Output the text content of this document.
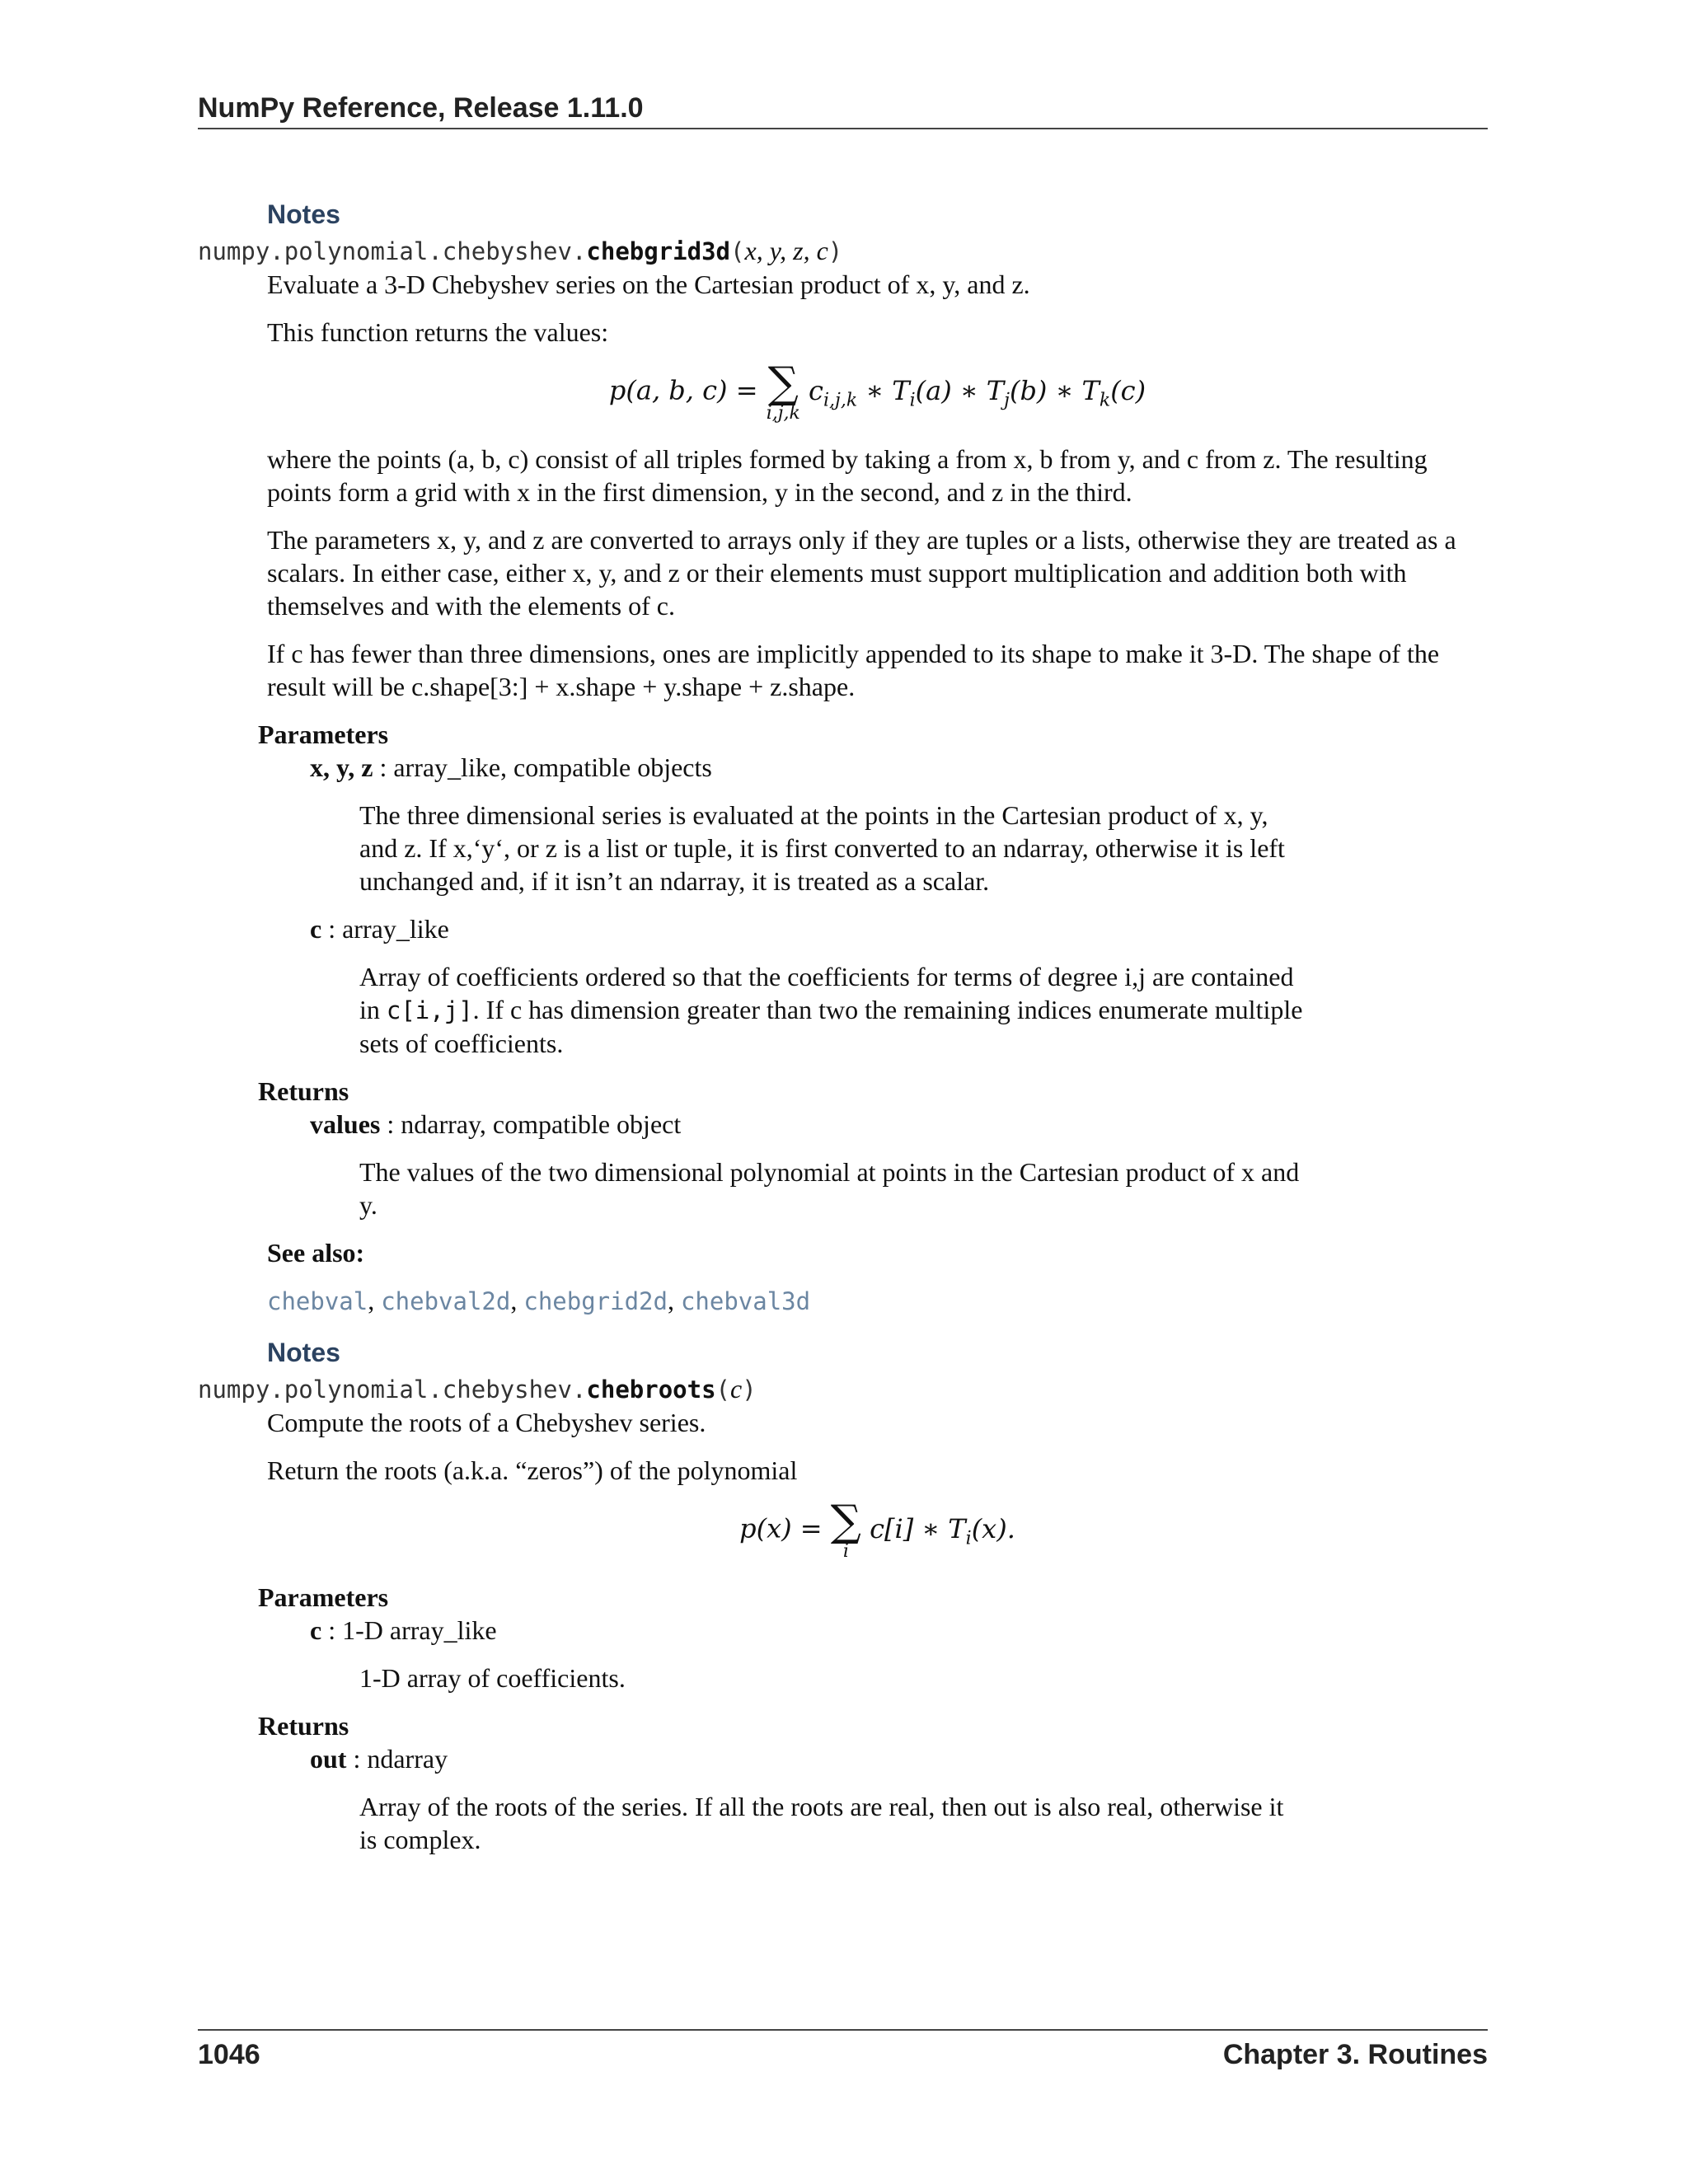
NumPy Reference, Release 1.11.0
Notes
numpy.polynomial.chebyshev.chebgrid3d(x, y, z, c)

Evaluate a 3-D Chebyshev series on the Cartesian product of x, y, and z.

This function returns the values:

p(a, b, c) = ∑
i,j,k
$c_{i,j,k}$ ∗ $T_i(a)$ ∗ $T_j(b)$ ∗ $T_k(c)$

where the points (a, b, c) consist of all triples formed by taking a from x, b from y, and c from z. The resulting points form a grid with x in the first dimension, y in the second, and z in the third.

The parameters x, y, and z are converted to arrays only if they are tuples or a lists, otherwise they are treated as a scalars. In either case, either x, y, and z or their elements must support multiplication and addition both with themselves and with the elements of c.

If c has fewer than three dimensions, ones are implicitly appended to its shape to make it 3-D. The shape of the result will be c.shape[3:] + x.shape + y.shape + z.shape.

Parameters
x, y, z : array_like, compatible objects

The three dimensional series is evaluated at the points in the Cartesian product of x, y, and z. If x,‘y‘, or z is a list or tuple, it is first converted to an ndarray, otherwise it is left unchanged and, if it isn’t an ndarray, it is treated as a scalar.

c : array_like

Array of coefficients ordered so that the coefficients for terms of degree i,j are contained in c[i,j]. If c has dimension greater than two the remaining indices enumerate multiple sets of coefficients.

Returns
values : ndarray, compatible object

The values of the two dimensional polynomial at points in the Cartesian product of x and y.

See also:
chebval, chebval2d, chebgrid2d, chebval3d
Notes
numpy.polynomial.chebyshev.chebroots(c)

Compute the roots of a Chebyshev series.

Return the roots (a.k.a. “zeros”) of the polynomial

p(x) = ∑
i
c[i] ∗ $T_i(x)$.
Parameters
c : 1-D array_like

1-D array of coefficients.

Returns
out : ndarray

Array of the roots of the series. If all the roots are real, then out is also real, otherwise it is complex.

1046	Chapter 3. Routines
